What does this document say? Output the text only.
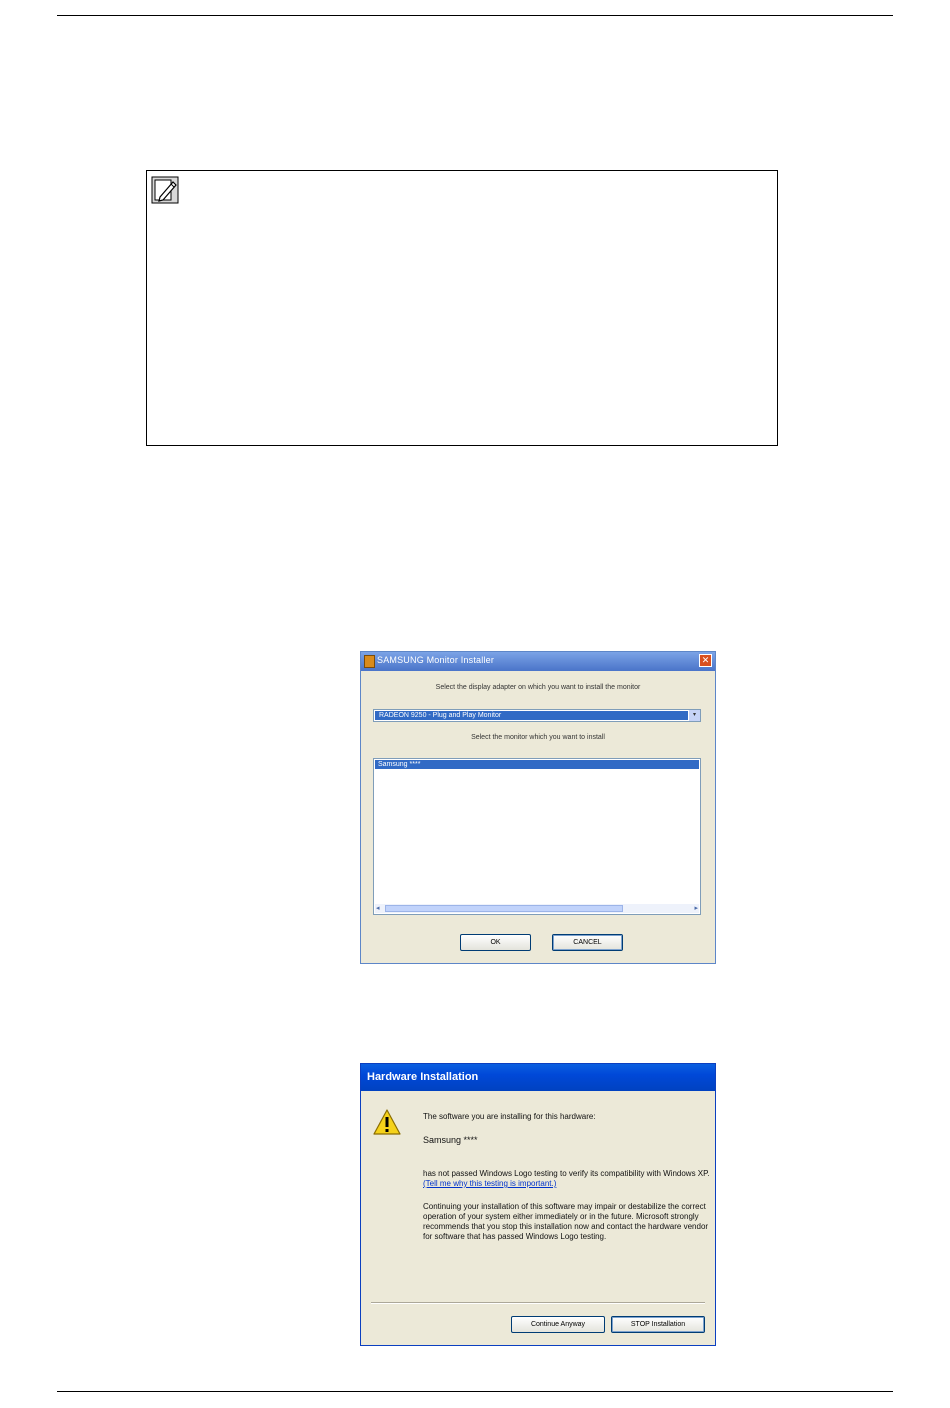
SAMSUNG Monitor Installer	✕
Select the display adapter on which you want to install the monitor
RADEON 9250 - Plug and Play Monitor	▾
Select the monitor which you want to install
Samsung ****
◂	▸
OK	CANCEL
Hardware Installation
The software you are installing for this hardware:
Samsung ****
has not passed Windows Logo testing to verify its compatibility with Windows XP. (Tell me why this testing is important.)
Continuing your installation of this software may impair or destabilize the correct operation of your system either immediately or in the future. Microsoft strongly recommends that you stop this installation now and contact the hardware vendor for software that has passed Windows Logo testing.
Continue Anyway	STOP Installation
